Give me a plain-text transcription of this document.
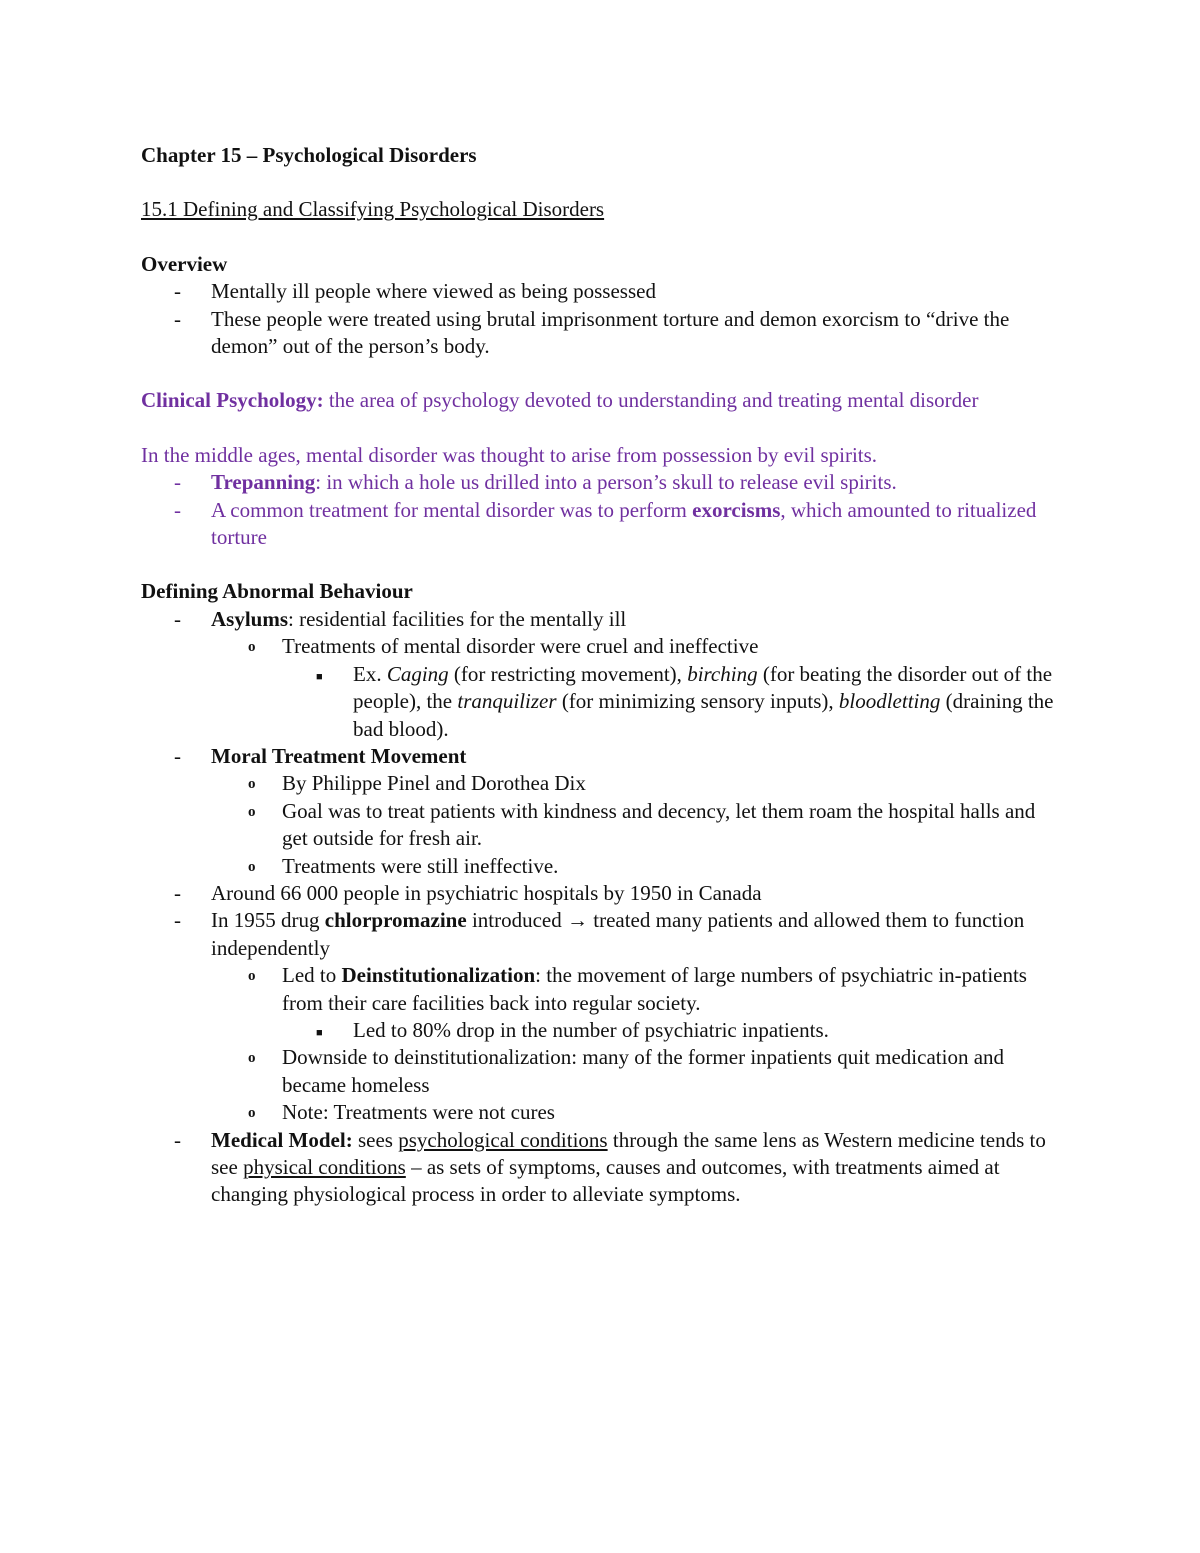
Chapter 15 – Psychological Disorders
15.1 Defining and Classifying Psychological Disorders
Overview
- Mentally ill people where viewed as being possessed
- These people were treated using brutal imprisonment torture and demon exorcism to “drive the demon” out of the person’s body.
Clinical Psychology: the area of psychology devoted to understanding and treating mental disorder
In the middle ages, mental disorder was thought to arise from possession by evil spirits.
- Trepanning: in which a hole us drilled into a person’s skull to release evil spirits.
- A common treatment for mental disorder was to perform exorcisms, which amounted to ritualized torture
Defining Abnormal Behaviour
- Asylums: residential facilities for the mentally ill
o Treatments of mental disorder were cruel and ineffective
■ Ex. Caging (for restricting movement), birching (for beating the disorder out of the people), the tranquilizer (for minimizing sensory inputs), bloodletting (draining the bad blood).
- Moral Treatment Movement
o By Philippe Pinel and Dorothea Dix
o Goal was to treat patients with kindness and decency, let them roam the hospital halls and get outside for fresh air.
o Treatments were still ineffective.
- Around 66 000 people in psychiatric hospitals by 1950 in Canada
- In 1955 drug chlorpromazine introduced → treated many patients and allowed them to function independently
o Led to Deinstitutionalization: the movement of large numbers of psychiatric in-patients from their care facilities back into regular society.
■ Led to 80% drop in the number of psychiatric inpatients.
o Downside to deinstitutionalization: many of the former inpatients quit medication and became homeless
o Note: Treatments were not cures
- Medical Model: sees psychological conditions through the same lens as Western medicine tends to see physical conditions – as sets of symptoms, causes and outcomes, with treatments aimed at changing physiological process in order to alleviate symptoms.
